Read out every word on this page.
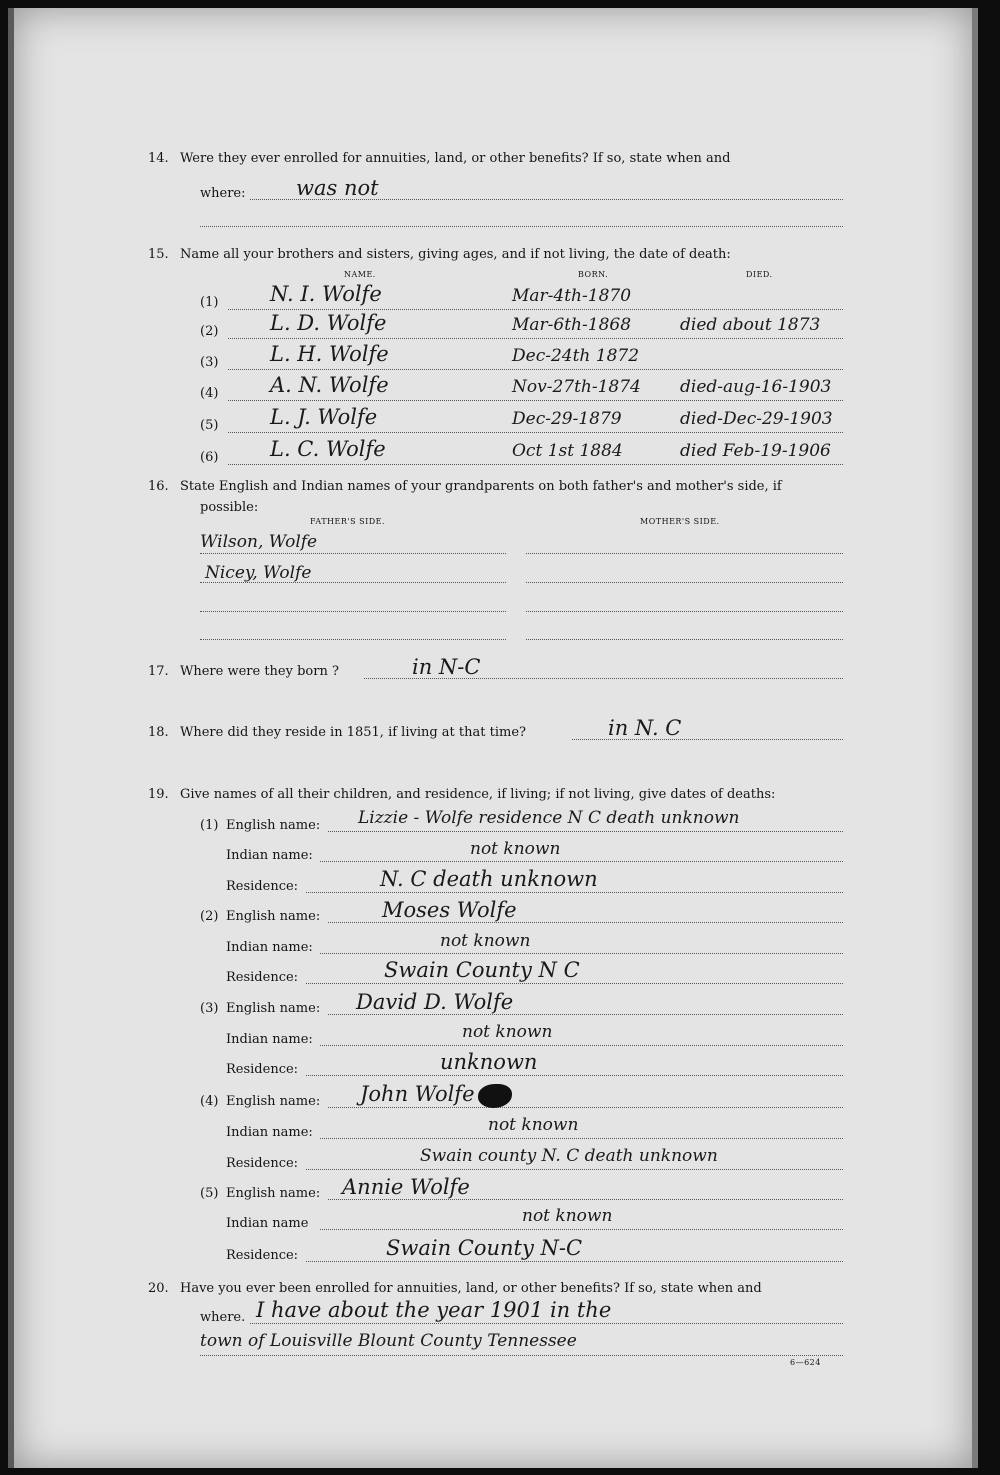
14. Were they ever enrolled for annuities, land, or other benefits? If so, state when and
where: was not
15. Name all your brothers and sisters, giving ages, and if not living, the date of death:
NAME.	BORN.	DIED.
(1) N. I. Wolfe	Mar-4th-1870
(2) L. D. Wolfe	Mar-6th-1868	died about 1873
(3) L. H. Wolfe	Dec-24th 1872
(4) A. N. Wolfe	Nov-27th-1874 died-aug-16-1903
(5) L. J. Wolfe	Dec-29-1879	died-Dec-29-1903
(6) L. C. Wolfe	Oct 1st 1884	died Feb-19-1906
16. State English and Indian names of your grandparents on both father's and mother's side, if
possible:
FATHER'S SIDE.	MOTHER'S SIDE.
Wilson, Wolfe
Nicey, Wolfe
17. Where were they born ?	in N-C
18. Where did they reside in 1851, if living at that time?	in N. C
19. Give names of all their children, and residence, if living; if not living, give dates of deaths:
(1) English name: Lizzie - Wolfe residence N C death unknown
Indian name:	not known
Residence:	N. C death unknown
(2) English name:	Moses Wolfe
Indian name:	not known
Residence:	Swain County N C
(3) English name: David D. Wolfe
Indian name:	not known
Residence:	unknown
(4) English name: John Wolfe
Indian name:	not known
Residence:	Swain county N. C death unknown
(5) English name: Annie Wolfe
Indian name	not known
Residence:	Swain County N-C
20. Have you ever been enrolled for annuities, land, or other benefits? If so, state when and
where. I have about the year 1901 in the
town of Louisville Blount County Tennessee
6—624
